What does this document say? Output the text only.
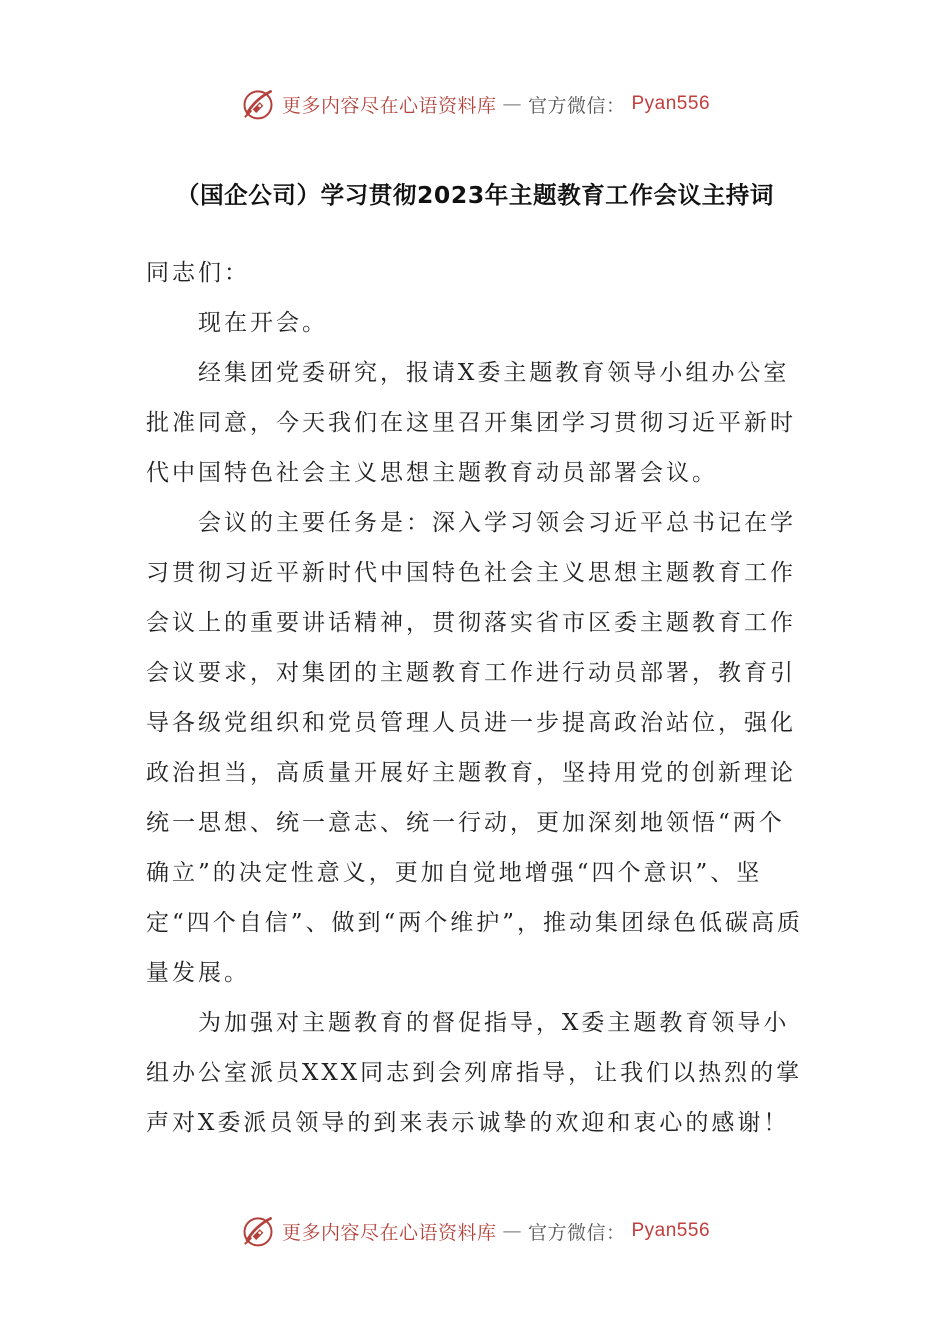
更多内容尽在心语资料库 — 官方微信： Pyan556
（国企公司）学习贯彻2023年主题教育工作会议主持词

同志们：

现在开会。

经集团党委研究，报请X委主题教育领导小组办公室批准同意，今天我们在这里召开集团学习贯彻习近平新时代中国特色社会主义思想主题教育动员部署会议。

会议的主要任务是：深入学习领会习近平总书记在学习贯彻习近平新时代中国特色社会主义思想主题教育工作会议上的重要讲话精神，贯彻落实省市区委主题教育工作会议要求，对集团的主题教育工作进行动员部署，教育引导各级党组织和党员管理人员进一步提高政治站位，强化政治担当，高质量开展好主题教育，坚持用党的创新理论统一思想、统一意志、统一行动，更加深刻地领悟“两个确立”的决定性意义，更加自觉地增强“四个意识”、坚定“四个自信”、做到“两个维护”，推动集团绿色低碳高质量发展。

为加强对主题教育的督促指导，X委主题教育领导小组办公室派员XXX同志到会列席指导，让我们以热烈的掌声对X委派员领导的到来表示诚挚的欢迎和衷心的感谢！

更多内容尽在心语资料库 — 官方微信： Pyan556
